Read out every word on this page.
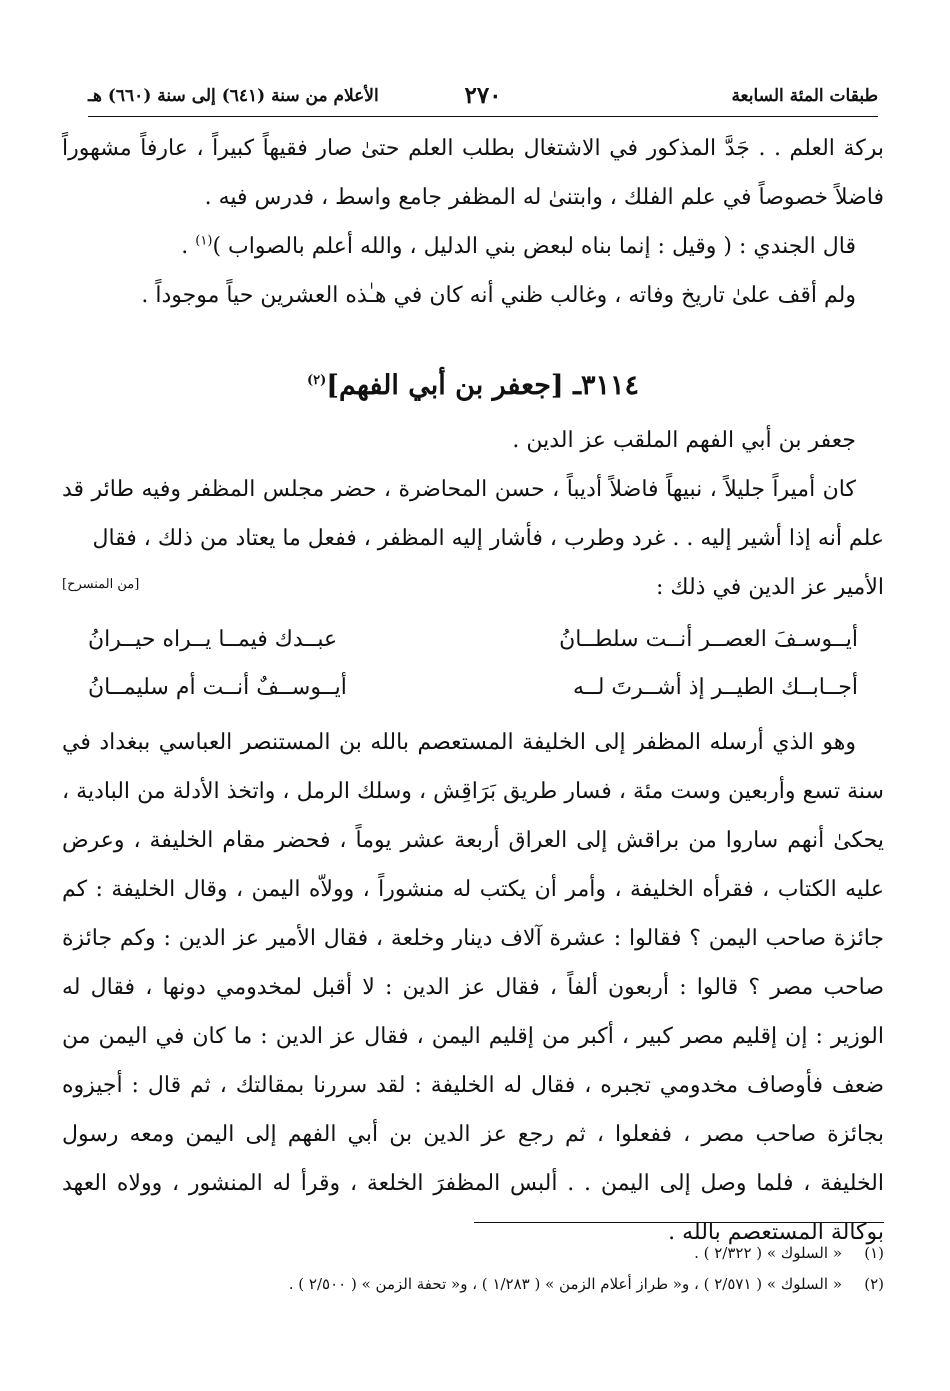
طبقات المئة السابعة
٢٧٠
الأعلام من سنة (٦٤١) إلى سنة (٦٦٠) هـ

بركة العلم . . جَدَّ المذكور في الاشتغال بطلب العلم حتىٰ صار فقيهاً كبيراً ، عارفاً مشهوراً فاضلاً خصوصاً في علم الفلك ، وابتنىٰ له المظفر جامع واسط ، فدرس فيه .

قال الجندي : ( وقيل : إنما بناه لبعض بني الدليل ، والله أعلم بالصواب )$^{(١)}$ .

ولم أقف علىٰ تاريخ وفاته ، وغالب ظني أنه كان في هـٰذه العشرين حياً موجوداً .

٣١١٤ـ [جعفر بن أبي الفهم]$^{(٢)}$

جعفر بن أبي الفهم الملقب عز الدين .

كان أميراً جليلاً ، نبيهاً فاضلاً أديباً ، حسن المحاضرة ، حضر مجلس المظفر وفيه طائر قد علم أنه إذا أشير إليه . . غرد وطرب ، فأشار إليه المظفر ، ففعل ما يعتاد من ذلك ، فقال

الأمير عز الدين في ذلك :

[من المنسرح]
أيــوسـفَ العصــر أنــت سلطــانُ
عبــدك فيمــا يــراه حيــرانُ
أجــابــك الطيــر إذ أشــرتَ لــه
أيــوســفٌ أنــت أم سليمــانُ

وهو الذي أرسله المظفر إلى الخليفة المستعصم بالله بن المستنصر العباسي ببغداد في سنة تسع وأربعين وست مئة ، فسار طريق بَرَاقِش ، وسلك الرمل ، واتخذ الأدلة من البادية ، يحكىٰ أنهم ساروا من براقش إلى العراق أربعة عشر يوماً ، فحضر مقام الخليفة ، وعرض عليه الكتاب ، فقرأه الخليفة ، وأمر أن يكتب له منشوراً ، وولاّه اليمن ، وقال الخليفة : كم جائزة صاحب اليمن ؟ فقالوا : عشرة آلاف دينار وخلعة ، فقال الأمير عز الدين : وكم جائزة صاحب مصر ؟ قالوا : أربعون ألفاً ، فقال عز الدين : لا أقبل لمخدومي دونها ، فقال له الوزير : إن إقليم مصر كبير ، أكبر من إقليم اليمن ، فقال عز الدين : ما كان في اليمن من ضعف فأوصاف مخدومي تجبره ، فقال له الخليفة : لقد سررنا بمقالتك ، ثم قال : أجيزوه بجائزة صاحب مصر ، ففعلوا ، ثم رجع عز الدين بن أبي الفهم إلى اليمن ومعه رسول الخليفة ، فلما وصل إلى اليمن . . ألبس المظفرَ الخلعة ، وقرأ له المنشور ، وولاه العهد بوكالة المستعصم بالله .

(١)« السلوك » ( ٢/٣٢٢ ) .
(٢)« السلوك » ( ٢/٥٧١ ) ، و« طراز أعلام الزمن » ( ١/٢٨٣ ) ، و« تحفة الزمن » ( ٢/٥٠٠ ) .
